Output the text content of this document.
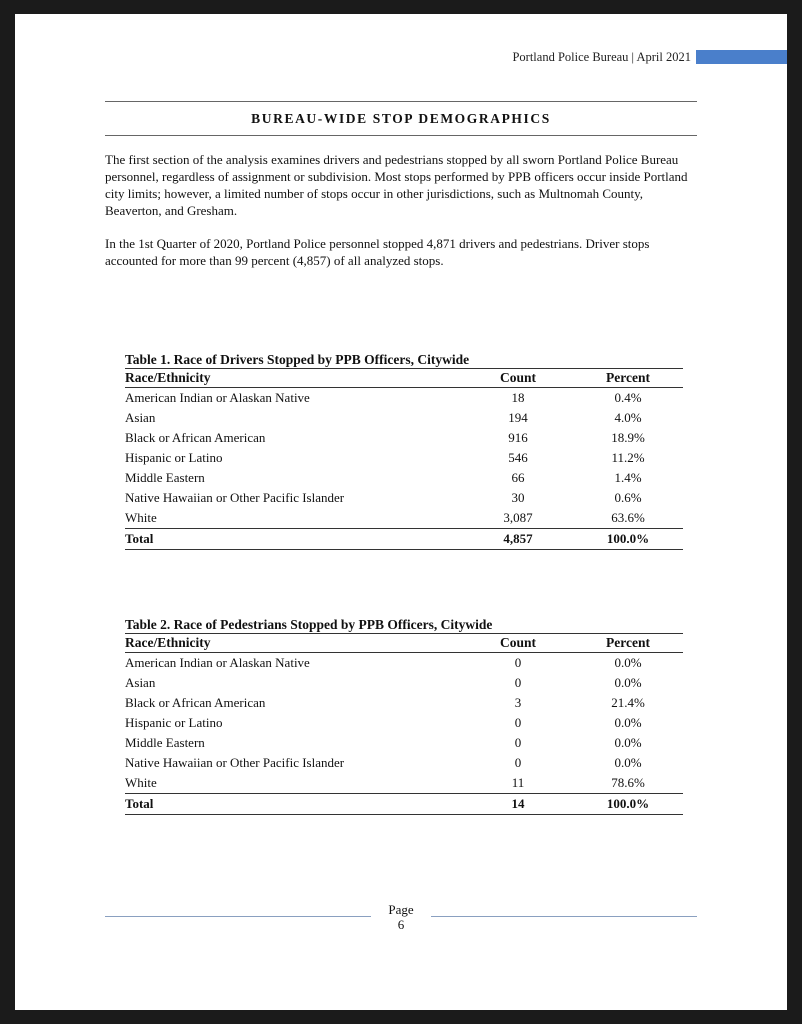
Portland Police Bureau | April 2021
BUREAU-WIDE STOP DEMOGRAPHICS

The first section of the analysis examines drivers and pedestrians stopped by all sworn Portland Police Bureau personnel, regardless of assignment or subdivision. Most stops performed by PPB officers occur inside Portland city limits; however, a limited number of stops occur in other jurisdictions, such as Multnomah County, Beaverton, and Gresham.

In the 1st Quarter of 2020, Portland Police personnel stopped 4,871 drivers and pedestrians. Driver stops accounted for more than 99 percent (4,857) of all analyzed stops.

Table 1. Race of Drivers Stopped by PPB Officers, Citywide
Race/Ethnicity	Count	Percent
American Indian or Alaskan Native	18	0.4%
Asian	194	4.0%
Black or African American	916	18.9%
Hispanic or Latino	546	11.2%
Middle Eastern	66	1.4%
Native Hawaiian or Other Pacific Islander	30	0.6%
White	3,087	63.6%
Total	4,857	100.0%
Table 2. Race of Pedestrians Stopped by PPB Officers, Citywide
Race/Ethnicity	Count	Percent
American Indian or Alaskan Native	0	0.0%
Asian	0	0.0%
Black or African American	3	21.4%
Hispanic or Latino	0	0.0%
Middle Eastern	0	0.0%
Native Hawaiian or Other Pacific Islander	0	0.0%
White	11	78.6%
Total	14	100.0%
Page
6
